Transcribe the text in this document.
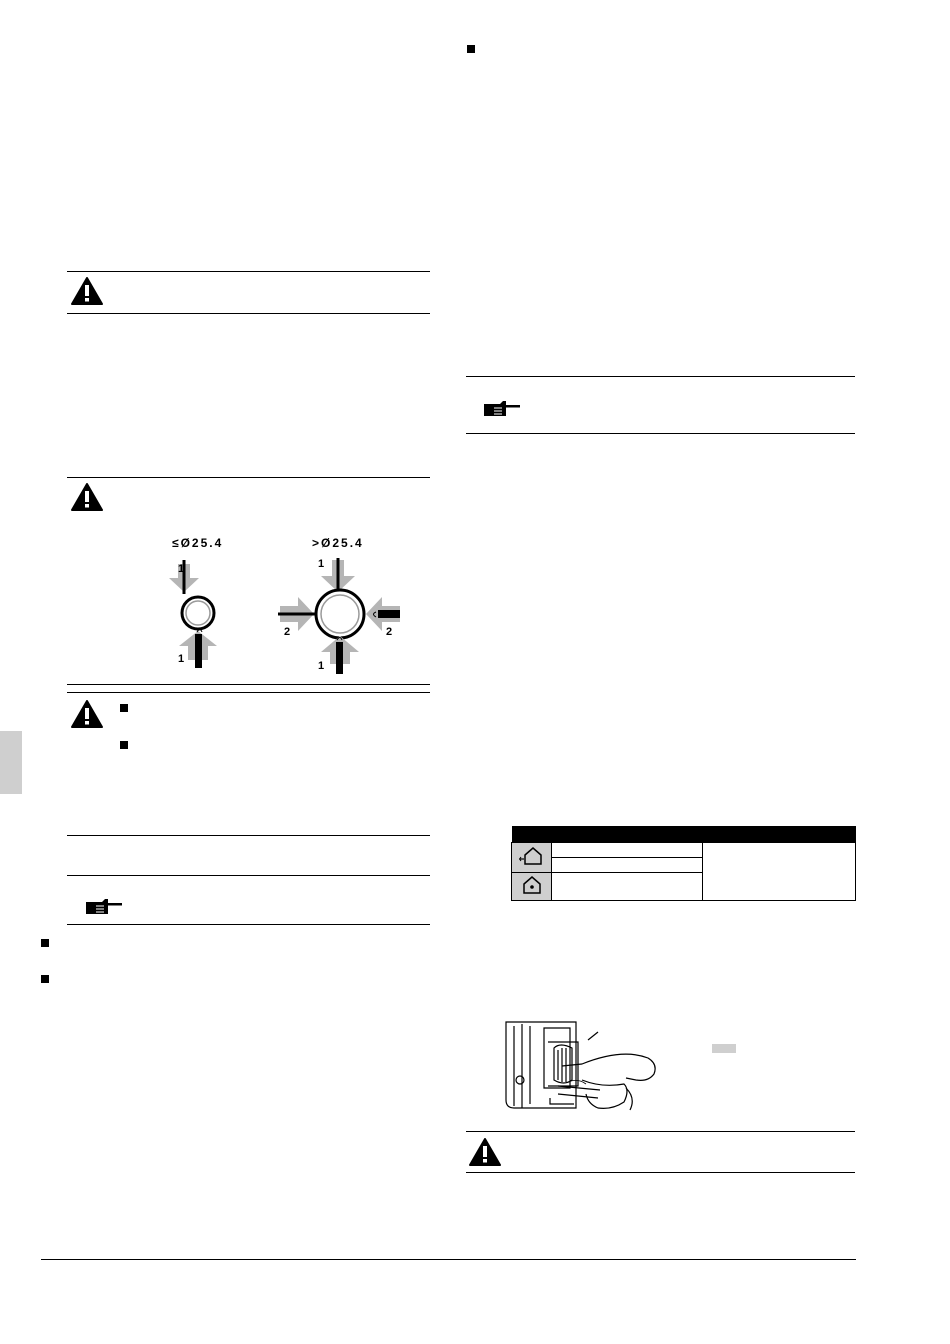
≤Ø25.4	>Ø25.4
1
1
1
1
2	2
